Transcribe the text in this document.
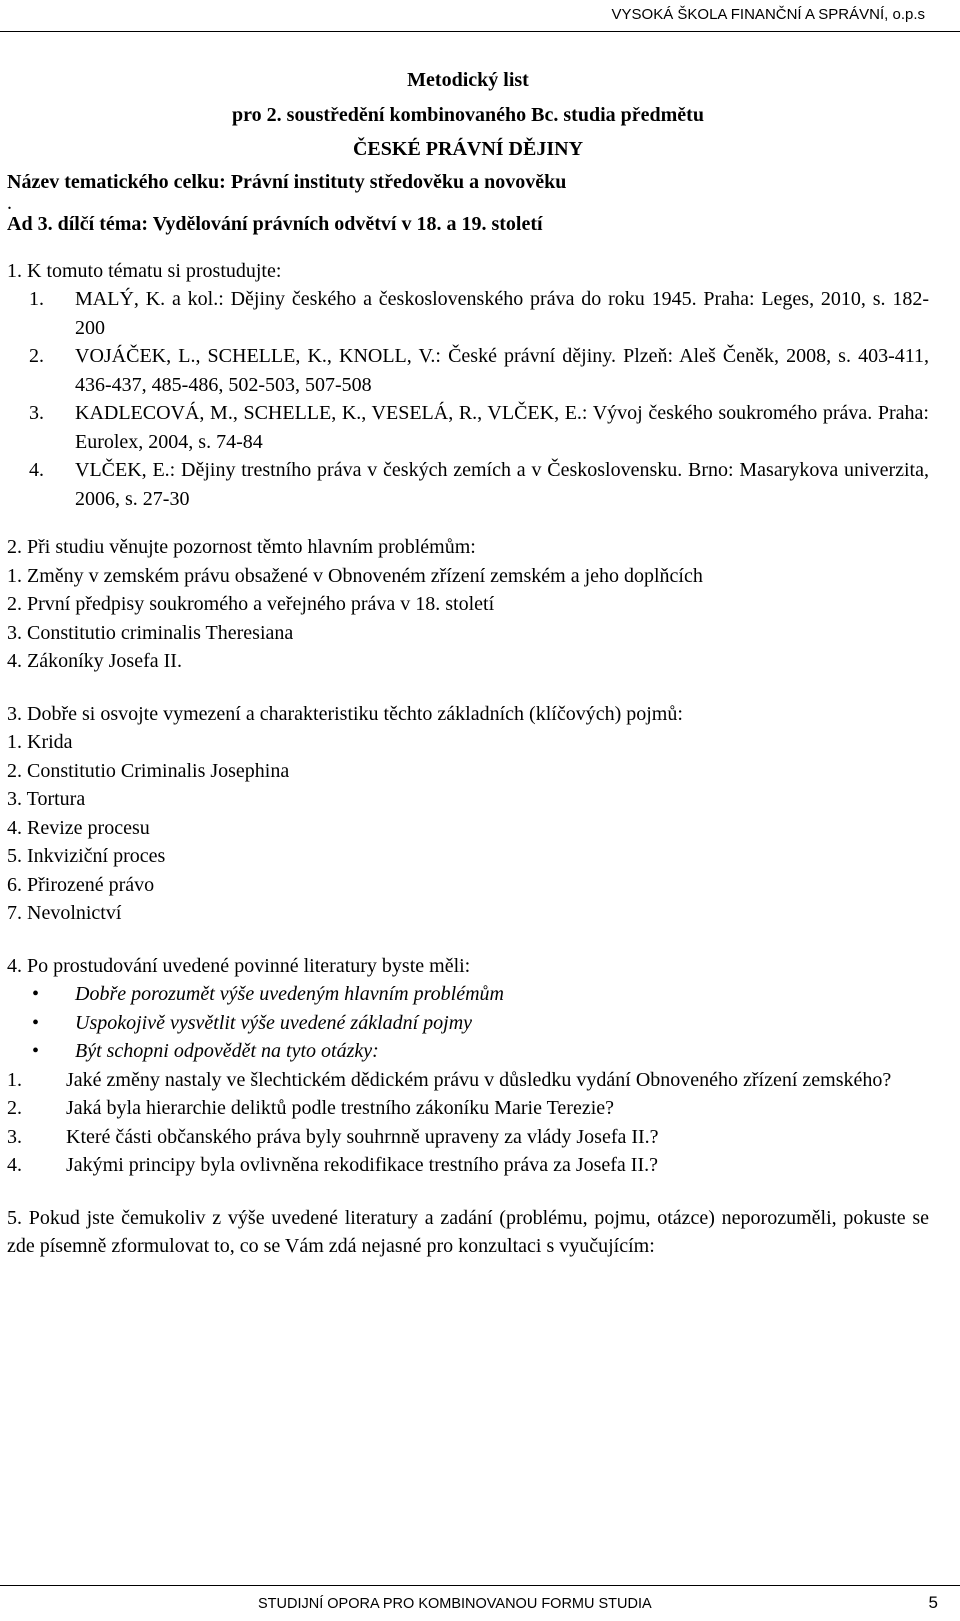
VYSOKÁ ŠKOLA FINANČNÍ A SPRÁVNÍ, o.p.s
Metodický list
pro 2. soustředění kombinovaného Bc. studia předmětu
ČESKÉ PRÁVNÍ DĚJINY
Název tematického celku: Právní instituty středověku a novověku
.
Ad 3. dílčí téma: Vydělování právních odvětví v 18. a 19. století
1. K tomuto tématu si prostudujte:
1. MALÝ, K. a kol.: Dějiny českého a československého práva do roku 1945. Praha: Leges, 2010, s. 182-200
2. VOJÁČEK, L., SCHELLE, K., KNOLL, V.: České právní dějiny. Plzeň: Aleš Čeněk, 2008, s. 403-411, 436-437, 485-486, 502-503, 507-508
3. KADLECOVÁ, M., SCHELLE, K., VESELÁ, R., VLČEK, E.: Vývoj českého soukromého práva. Praha: Eurolex, 2004, s. 74-84
4. VLČEK, E.: Dějiny trestního práva v českých zemích a v Československu. Brno: Masarykova univerzita, 2006, s. 27-30
2. Při studiu věnujte pozornost těmto hlavním problémům:
1. Změny v zemském právu obsažené v Obnoveném zřízení zemském a jeho doplňcích
2. První předpisy soukromého a veřejného práva v 18. století
3. Constitutio criminalis Theresiana
4. Zákoníky Josefa II.
3. Dobře si osvojte vymezení a charakteristiku těchto základních (klíčových) pojmů:
1. Krida
2. Constitutio Criminalis Josephina
3. Tortura
4. Revize procesu
5. Inkviziční proces
6. Přirozené právo
7. Nevolnictví
4. Po prostudování uvedené povinné literatury byste měli:
• Dobře porozumět výše uvedeným hlavním problémům
• Uspokojivě vysvětlit výše uvedené základní pojmy
• Být schopni odpovědět na tyto otázky:
1. Jaké změny nastaly ve šlechtickém dědickém právu v důsledku vydání Obnoveného zřízení zemského?
2. Jaká byla hierarchie deliktů podle trestního zákoníku Marie Terezie?
3. Které části občanského práva byly souhrnně upraveny za vlády Josefa II.?
4. Jakými principy byla ovlivněna rekodifikace trestního práva za Josefa II.?
5. Pokud jste čemukoliv z výše uvedené literatury a zadání (problému, pojmu, otázce) neporozuměli, pokuste se zde písemně zformulovat to, co se Vám zdá nejasné pro konzultaci s vyučujícím:
STUDIJNÍ OPORA PRO KOMBINOVANOU FORMU STUDIA	5
